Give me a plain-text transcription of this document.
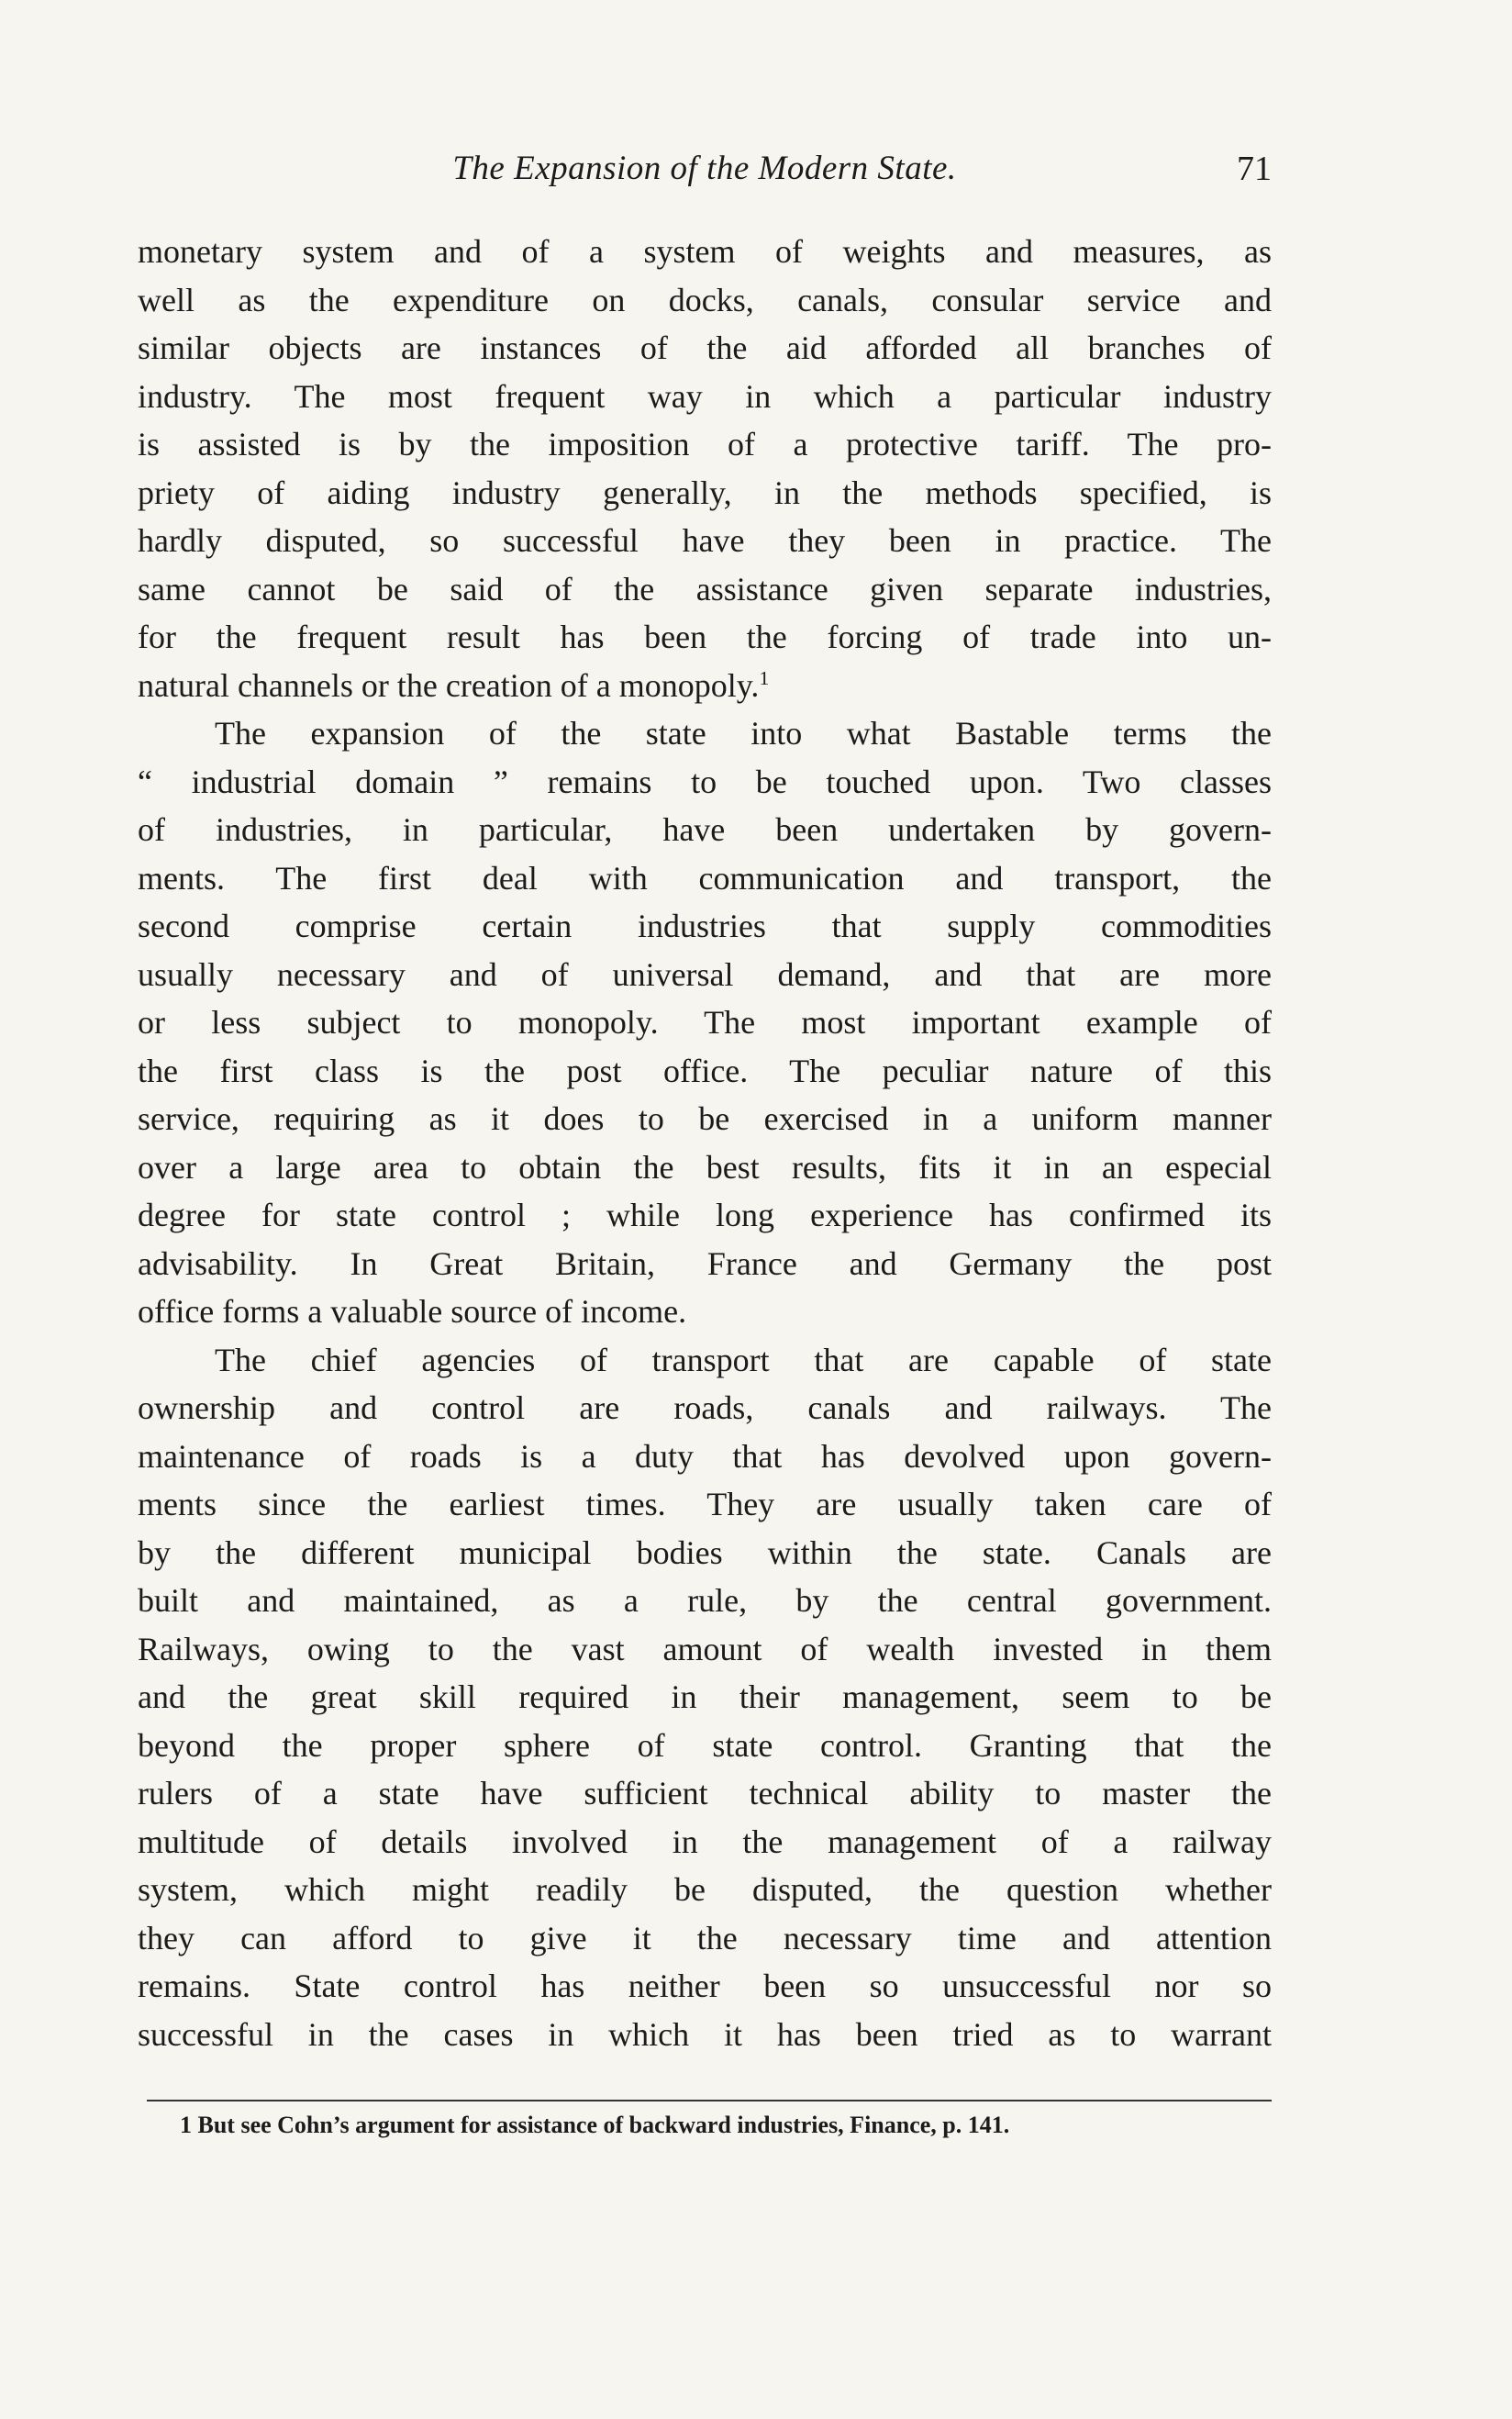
The Expansion of the Modern State.	71
monetary system and of a system of weights and measures, as
well as the expenditure on docks, canals, consular service and
similar objects are instances of the aid afforded all branches of
industry. The most frequent way in which a particular industry
is assisted is by the imposition of a protective tariff. The pro-
priety of aiding industry generally, in the methods specified, is
hardly disputed, so successful have they been in practice. The
same cannot be said of the assistance given separate industries,
for the frequent result has been the forcing of trade into un-
natural channels or the creation of a monopoly.$^1$
The expansion of the state into what Bastable terms the
“ industrial domain ” remains to be touched upon. Two classes
of industries, in particular, have been undertaken by govern-
ments. The first deal with communication and transport, the
second comprise certain industries that supply commodities
usually necessary and of universal demand, and that are more
or less subject to monopoly. The most important example of
the first class is the post office. The peculiar nature of this
service, requiring as it does to be exercised in a uniform manner
over a large area to obtain the best results, fits it in an especial
degree for state control ; while long experience has confirmed its
advisability. In Great Britain, France and Germany the post
office forms a valuable source of income.
The chief agencies of transport that are capable of state
ownership and control are roads, canals and railways. The
maintenance of roads is a duty that has devolved upon govern-
ments since the earliest times. They are usually taken care of
by the different municipal bodies within the state. Canals are
built and maintained, as a rule, by the central government.
Railways, owing to the vast amount of wealth invested in them
and the great skill required in their management, seem to be
beyond the proper sphere of state control. Granting that the
rulers of a state have sufficient technical ability to master the
multitude of details involved in the management of a railway
system, which might readily be disputed, the question whether
they can afford to give it the necessary time and attention
remains. State control has neither been so unsuccessful nor so
successful in the cases in which it has been tried as to warrant
1 But see Cohn’s argument for assistance of backward industries, Finance, p. 141.
